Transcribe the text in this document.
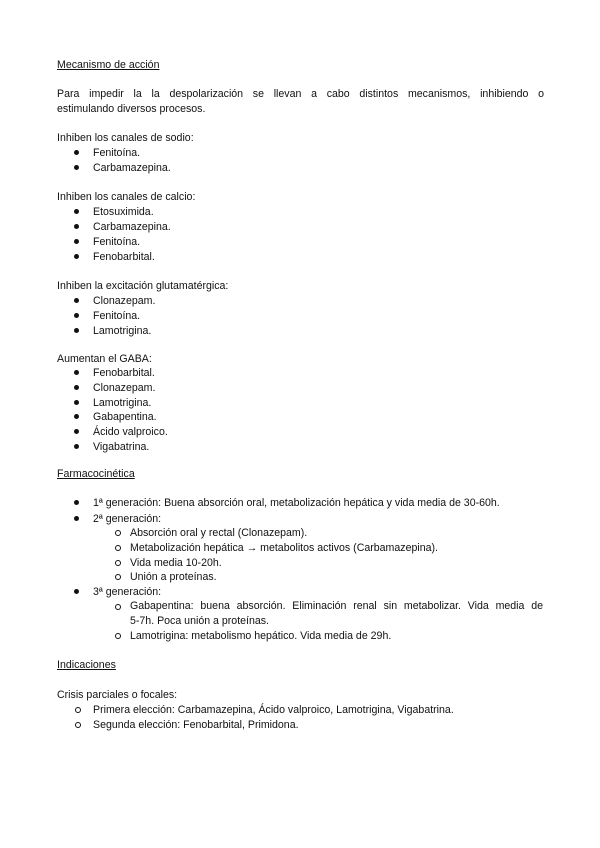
Mecanismo de acción
Para impedir la la despolarización se llevan a cabo distintos mecanismos, inhibiendo o
estimulando diversos procesos.
Inhiben los canales de sodio:
Fenitoína.
Carbamazepina.
Inhiben los canales de calcio:
Etosuximida.
Carbamazepina.
Fenitoína.
Fenobarbital.
Inhiben la excitación glutamatérgica:
Clonazepam.
Fenitoína.
Lamotrigina.
Aumentan el GABA:
Fenobarbital.
Clonazepam.
Lamotrigina.
Gabapentina.
Ácido valproico.
Vigabatrina.
Farmacocinética
1ª generación: Buena absorción oral, metabolización hepática y vida media de 30-60h.
2ª generación:
Absorción oral y rectal (Clonazepam).
Metabolización hepática → metabolitos activos (Carbamazepina).
Vida media 10-20h.
Unión a proteínas.
3ª generación:
Gabapentina: buena absorción. Eliminación renal sin metabolizar. Vida media de
5-7h. Poca unión a proteínas.
Lamotrigina: metabolismo hepático. Vida media de 29h.
Indicaciones
Crisis parciales o focales:
Primera elección: Carbamazepina, Ácido valproico, Lamotrigina, Vigabatrina.
Segunda elección: Fenobarbital, Primidona.
